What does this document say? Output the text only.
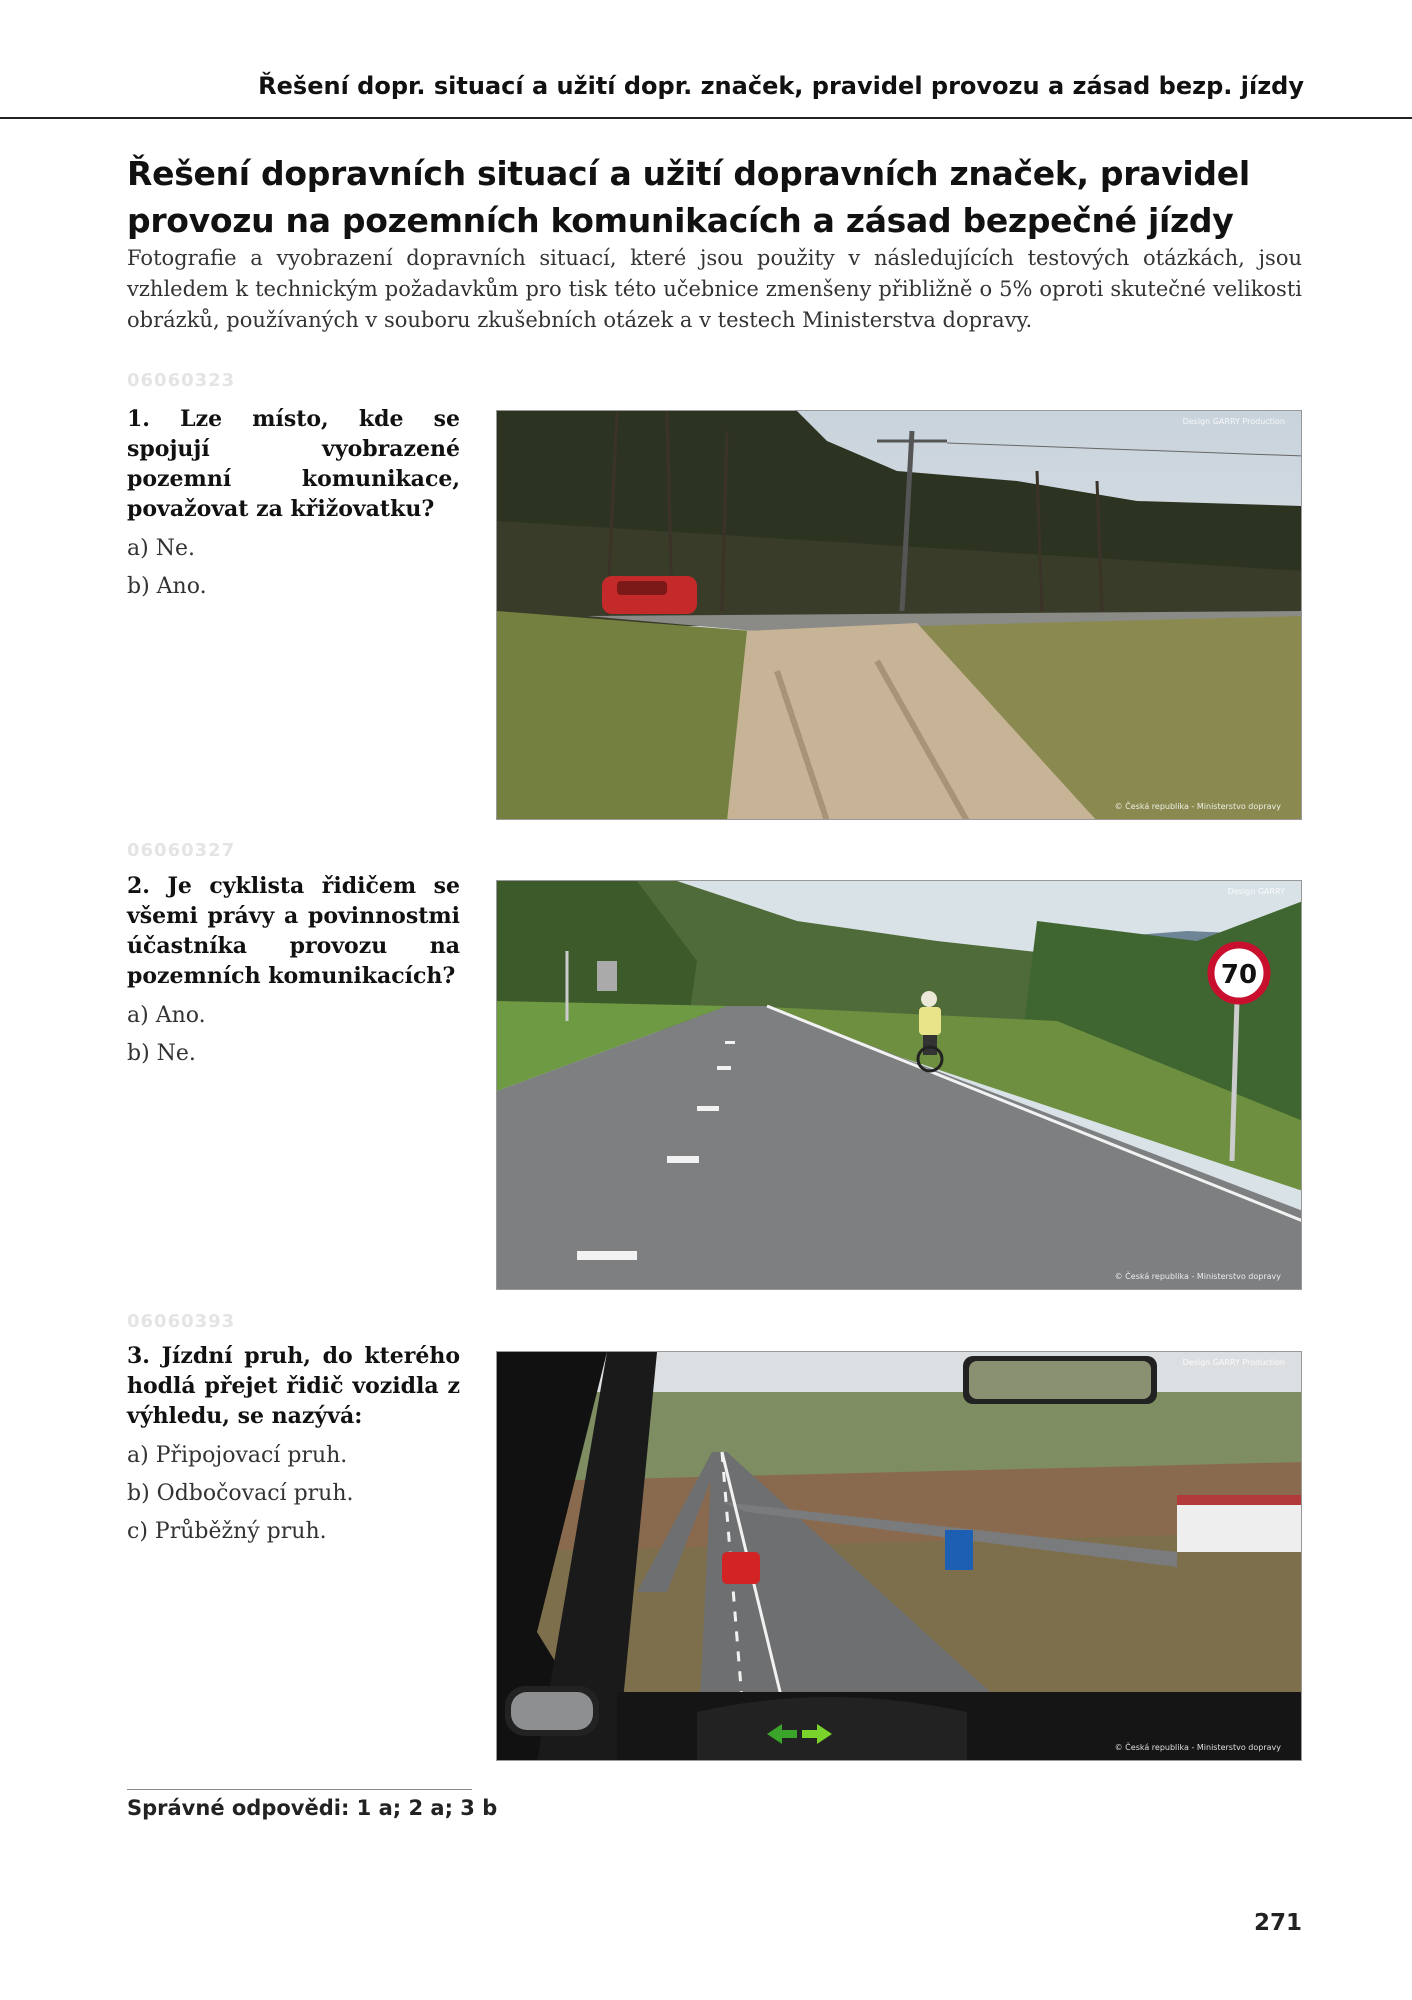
Řešení dopr. situací a užití dopr. značek, pravidel provozu a zásad bezp. jízdy
Řešení dopravních situací a užití dopravních značek, pravidel provozu na pozemních komunikacích a zásad bezpečné jízdy
Fotografie a vyobrazení dopravních situací, které jsou použity v následujících testových otázkách, jsou vzhledem k technickým požadavkům pro tisk této učebnice zmenšeny přibližně o 5% oproti skutečné velikosti obrázků, používaných v souboru zkušebních otázek a v testech Ministerstva dopravy.
06060323

1. Lze místo, kde se spojují vyobrazené pozemní komunikace, považovat za křižovatku?

a) Ne.
b) Ano.
Design GARRY Production
© Česká republika - Ministerstvo dopravy
06060327

2. Je cyklista řidičem se všemi právy a povinnostmi účastníka provozu na pozemních komunikacích?

a) Ano.
b) Ne.
70
Design GARRY
© Česká republika - Ministerstvo dopravy
06060393

3. Jízdní pruh, do kterého hodlá přejet řidič vozidla z výhledu, se nazývá:

a) Připojovací pruh.
b) Odbočovací pruh.
c) Průběžný pruh.
Design GARRY Production
© Česká republika - Ministerstvo dopravy
Správné odpovědi: 1 a; 2 a; 3 b
271
